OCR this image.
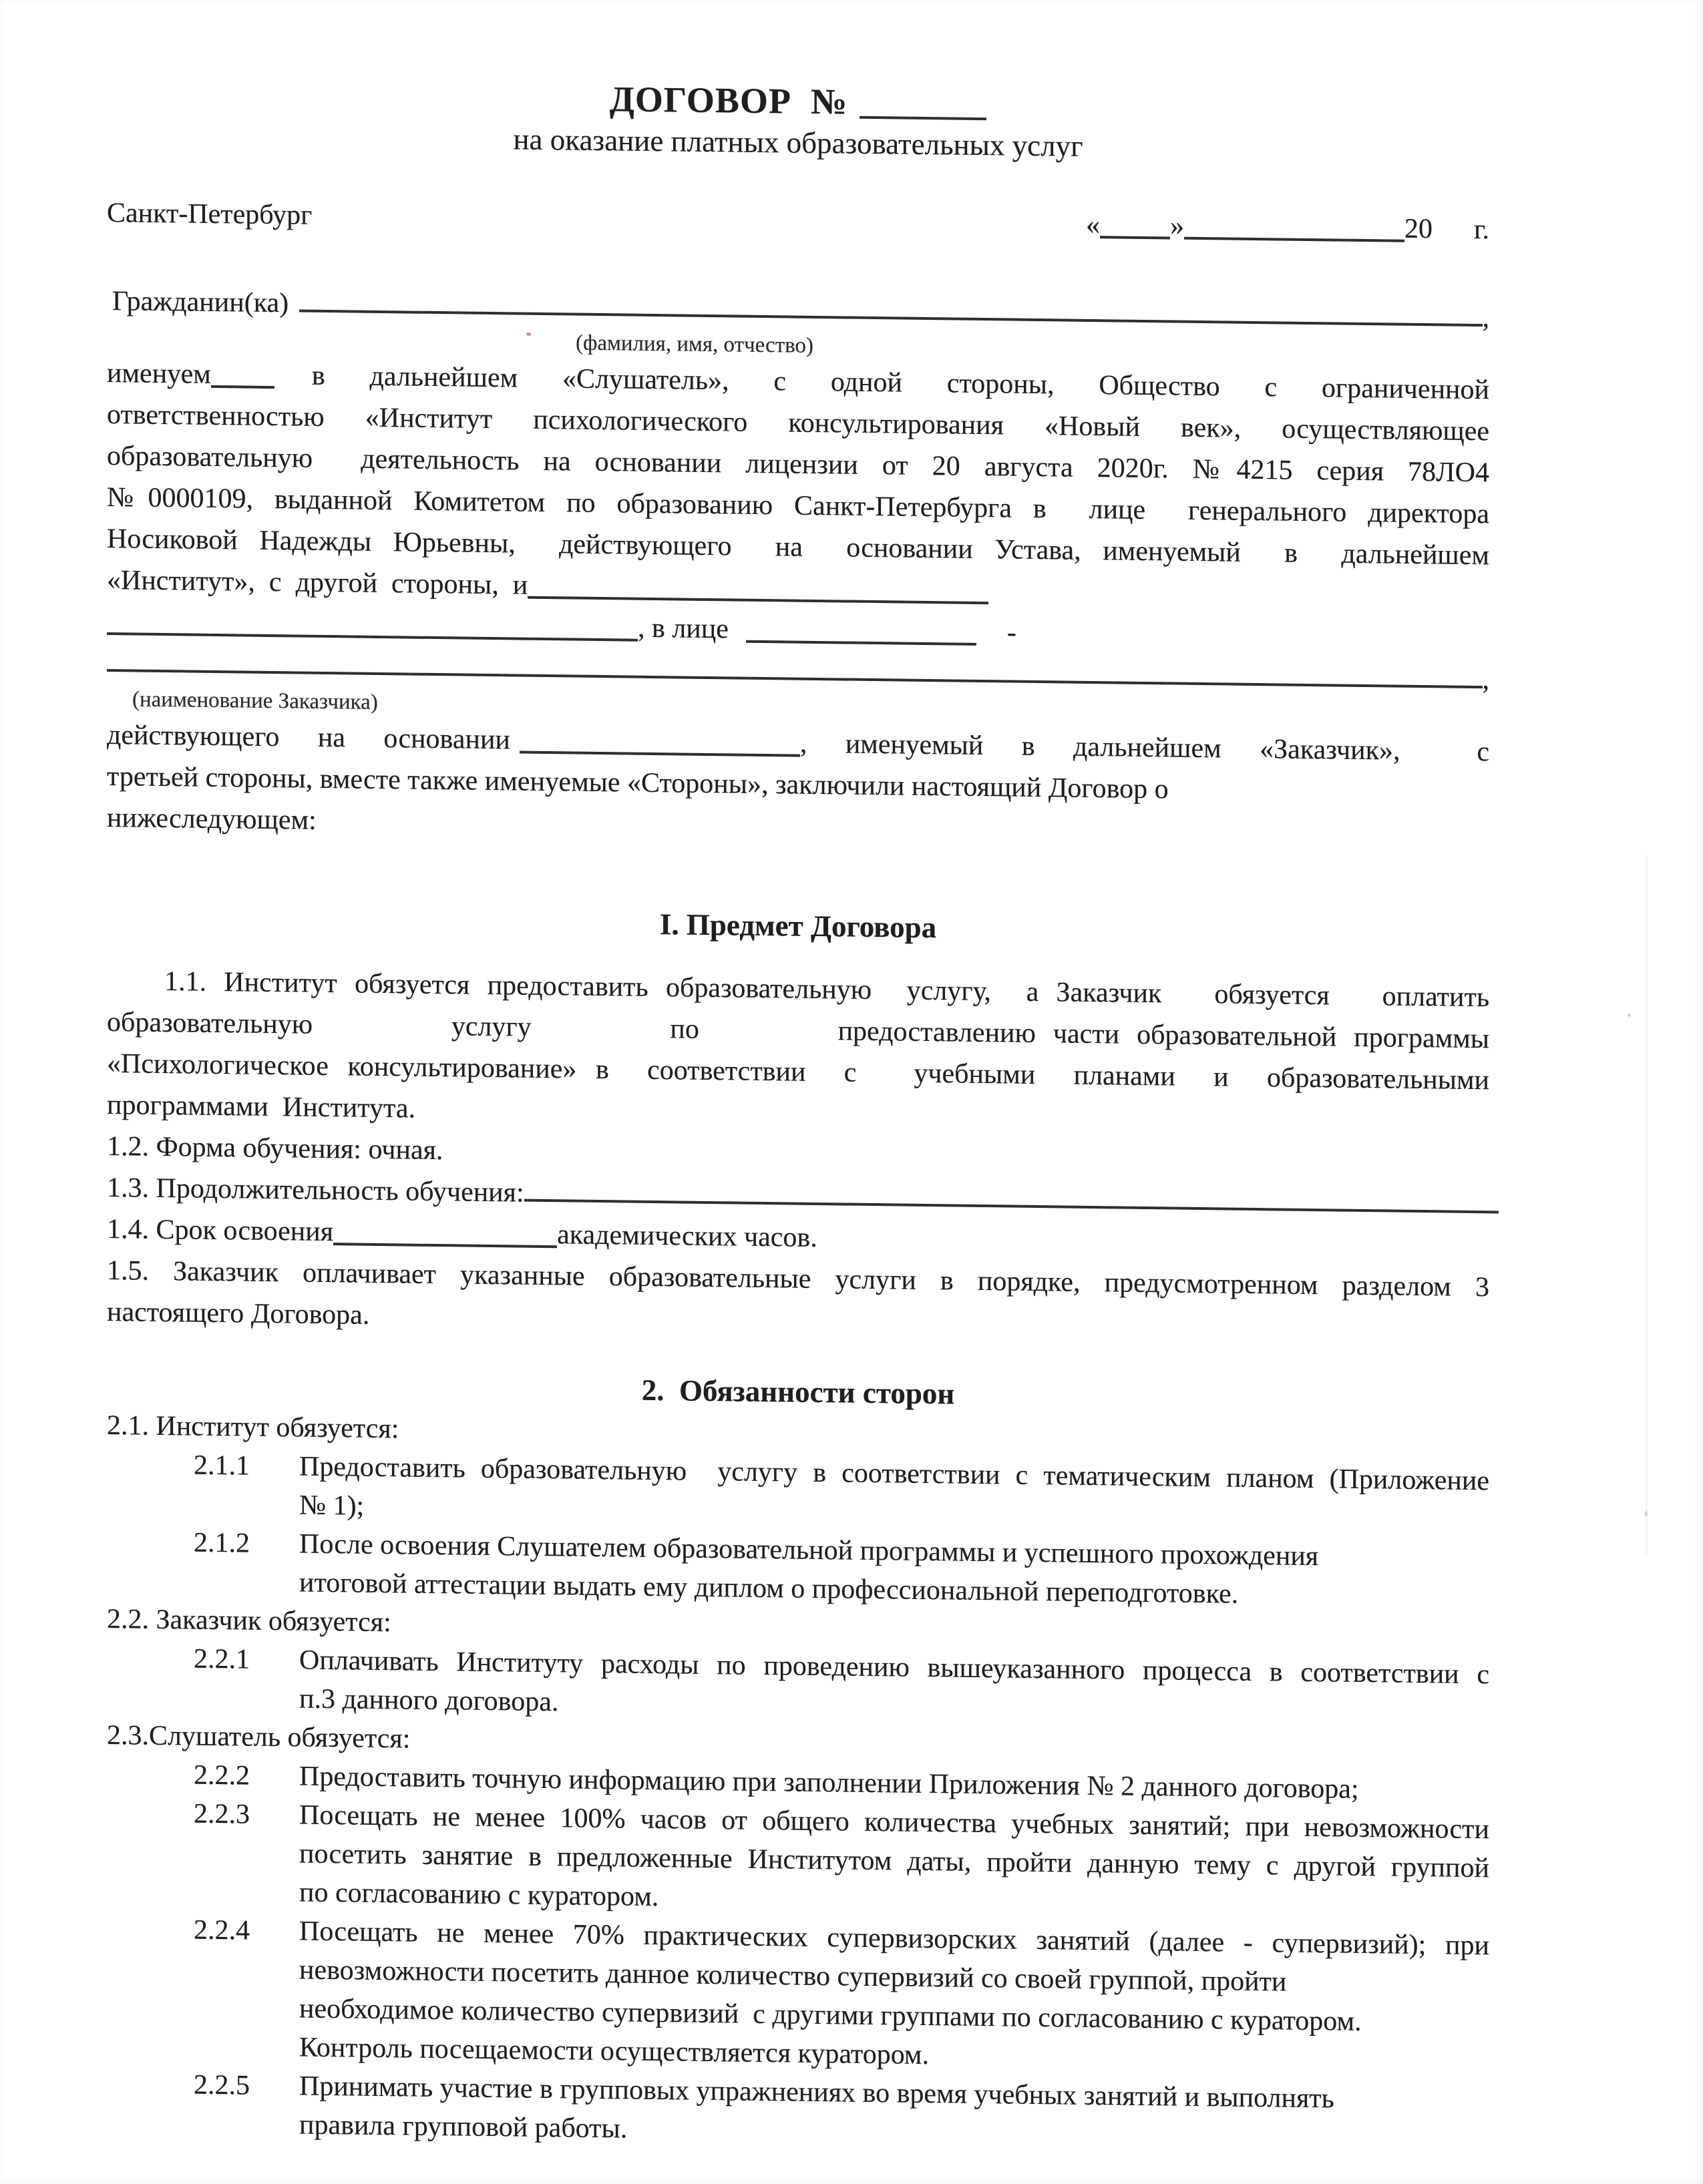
ДОГОВОР  №
на оказание платных образовательных услуг
Санкт-Петербург	«	»	20 г.
Гражданин(ка)	,
(фамилия, имя, отчество)
именуем	в дальнейшем «Слушатель», с одной стороны, Общество с ограниченной
ответственностью «Институт психологического консультирования «Новый век», осуществляющее
образовательную  деятельность на основании лицензии от 20 августа 2020г. №4215 серия 78ЛО4
№0000109, выданной Комитетом по образованию Санкт-Петербурга в  лице  генерального директора
Носиковой Надежды Юрьевны,  действующего  на  основании Устава, именуемый  в  дальнейшем
«Институт»,  с  другой  стороны,  и
, в лице	-
,
(наименование Заказчика)
действующего на основании	, именуемый в дальнейшем «Заказчик»,  с
третьей стороны, вместе также именуемые «Стороны», заключили настоящий Договор о
нижеследующем:
I. Предмет Договора
1.1. Институт обязуется предоставить образовательную  услугу,  а Заказчик   обязуется   оплатить
образовательную        услугу        по        предоставлению части образовательной программы
«Психологическое консультирование» в  соответствии  с   учебными  планами  и  образовательными
программами  Института.
1.2. Форма обучения: очная.
1.3. Продолжительность обучения:
1.4. Срок освоения	академических часов.
1.5. Заказчик оплачивает указанные образовательные услуги в порядке, предусмотренном разделом 3
настоящего Договора.
2.  Обязанности сторон
2.1. Институт обязуется:
2.1.1	Предоставить образовательную  услугу в соответствии с тематическим планом (Приложение
№ 1);
2.1.2	После освоения Слушателем образовательной программы и успешного прохождения
итоговой аттестации выдать ему диплом о профессиональной переподготовке.
2.2. Заказчик обязуется:
2.2.1	Оплачивать Институту расходы по проведению вышеуказанного процесса в соответствии с
п.3 данного договора.
2.3.Слушатель обязуется:
2.2.2	Предоставить точную информацию при заполнении Приложения № 2 данного договора;
2.2.3	Посещать не менее 100% часов от общего количества учебных занятий; при невозможности
посетить занятие в предложенные Институтом даты, пройти данную тему с другой группой
по согласованию с куратором.
2.2.4	Посещать не менее 70% практических супервизорских занятий (далее - супервизий); при
невозможности посетить данное количество супервизий со своей группой, пройти
необходимое количество супервизий  с другими группами по согласованию с куратором.
Контроль посещаемости осуществляется куратором.
2.2.5	Принимать участие в групповых упражнениях во время учебных занятий и выполнять
правила групповой работы.
